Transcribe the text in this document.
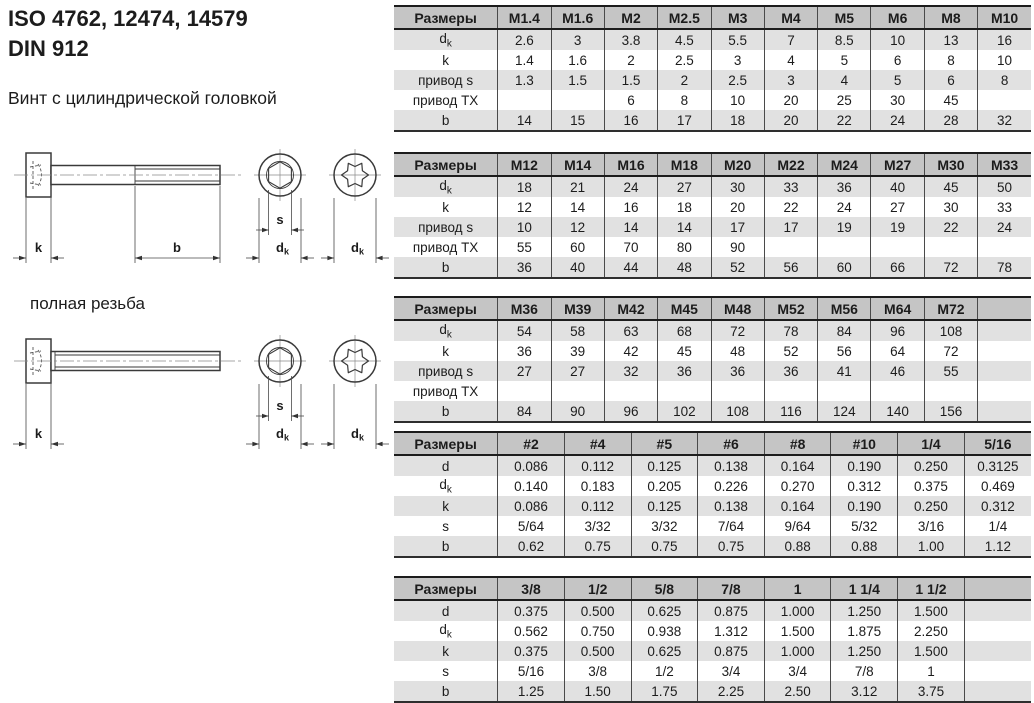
ISO 4762, 12474, 14579
DIN 912
Винт с цилиндрической головкой
k	b
s
dk	dk
полная резьба
k
s
dk	dk
Размеры	M1.4	M1.6	M2	M2.5	M3	M4	M5	M6	M8	M10
$d_k$	2.6	3	3.8	4.5	5.5	7	8.5	10	13	16
k	1.4	1.6	2	2.5	3	4	5	6	8	10
привод s	1.3	1.5	1.5	2	2.5	3	4	5	6	8
привод TX			6	8	10	20	25	30	45	
b	14	15	16	17	18	20	22	24	28	32
Размеры	M12	M14	M16	M18	M20	M22	M24	M27	M30	M33
$d_k$	18	21	24	27	30	33	36	40	45	50
k	12	14	16	18	20	22	24	27	30	33
привод s	10	12	14	14	17	17	19	19	22	24
привод TX	55	60	70	80	90					
b	36	40	44	48	52	56	60	66	72	78
Размеры	M36	M39	M42	M45	M48	M52	M56	M64	M72	
$d_k$	54	58	63	68	72	78	84	96	108	
k	36	39	42	45	48	52	56	64	72	
привод s	27	27	32	36	36	36	41	46	55	
привод TX										
b	84	90	96	102	108	116	124	140	156	
Размеры	#2	#4	#5	#6	#8	#10	1/4	5/16
d	0.086	0.112	0.125	0.138	0.164	0.190	0.250	0.3125
$d_k$	0.140	0.183	0.205	0.226	0.270	0.312	0.375	0.469
k	0.086	0.112	0.125	0.138	0.164	0.190	0.250	0.312
s	5/64	3/32	3/32	7/64	9/64	5/32	3/16	1/4
b	0.62	0.75	0.75	0.75	0.88	0.88	1.00	1.12
Размеры	3/8	1/2	5/8	7/8	1	1 1/4	1 1/2	
d	0.375	0.500	0.625	0.875	1.000	1.250	1.500	
$d_k$	0.562	0.750	0.938	1.312	1.500	1.875	2.250	
k	0.375	0.500	0.625	0.875	1.000	1.250	1.500	
s	5/16	3/8	1/2	3/4	3/4	7/8	1	
b	1.25	1.50	1.75	2.25	2.50	3.12	3.75	
